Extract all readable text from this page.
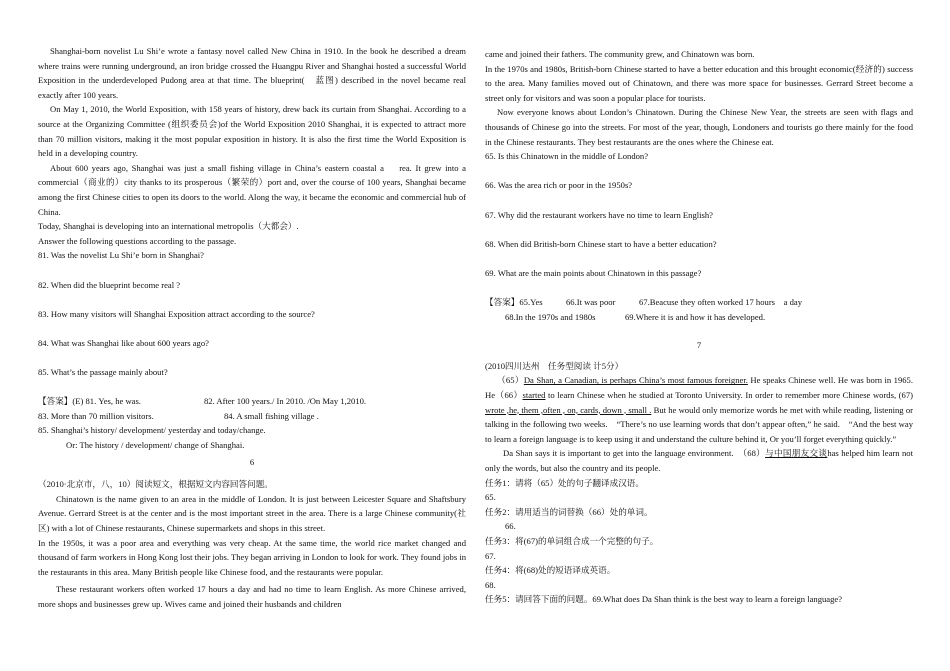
Shanghai-born novelist Lu Shi’e wrote a fantasy novel called New China in 1910. In the book he described a dream where trains were running underground, an iron bridge crossed the Huangpu River and Shanghai hosted a successful World Exposition in the underdeveloped Pudong area at that time. The blueprint(　蓝图) described in the novel became real exactly after 100 years.

On May 1, 2010, the World Exposition, with 158 years of history, drew back its curtain from Shanghai. According to a source at the Organizing Committee (组织委员会)of the World Exposition 2010 Shanghai, it is expected to attract more than 70 million visitors, making it the most popular exposition in history. It is also the first time the World Exposition is held in a developing country.

About 600 years ago, Shanghai was just a small fishing village in China’s eastern coastal a　 rea. It grew into a commercial（商业的）city thanks to its prosperous（繁荣的）port and, over the course of 100 years, Shanghai became among the first Chinese cities to open its doors to the world. Along the way, it became the economic and commercial hub of China.

Today, Shanghai is developing into an international metropolis（大都会）.

Answer the following questions according to the passage.

81. Was the novelist Lu Shi’e born in Shanghai?

82. When did the blueprint become real ?

83. How many visitors will Shanghai Exposition attract according to the source?

84. What was Shanghai like about 600 years ago?

85. What’s the passage mainly about?

【答案】(E) 81. Yes, he was.	82. After 100 years./ In 2010. /On May 1,2010.

83. More than 70 million visitors.	84. A small fishing village .

85. Shanghai’s history/ development/ yesterday and today/change.

Or: The history / development/ change of Shanghai.

6

（2010·北京市，八，10）阅读短文，根据短文内容回答问题。

Chinatown is the name given to an area in the middle of London. It is just between Leicester Square and Shaftsbury Avenue. Gerrard Street is at the center and is the most important street in the area. There is a large Chinese community(社区) with a lot of Chinese restaurants, Chinese supermarkets and shops in this street.

In the 1950s, it was a poor area and everything was very cheap. At the same time, the world rice market changed and thousand of farm workers in Hong Kong lost their jobs. They began arriving in London to look for work. They found jobs in the restaurants in this area. Many British people like Chinese food, and the restaurants were popular.

These restaurant workers often worked 17 hours a day and had no time to learn English. As more Chinese arrived, more shops and businesses grew up. Wives came and joined their husbands and children

came and joined their fathers. The community grew, and Chinatown was born.

In the 1970s and 1980s, British-born Chinese started to have a better education and this brought economic(经济的) success to the area. Many families moved out of Chinatown, and there was more space for businesses. Gerrard Street become a street only for visitors and was soon a popular place for tourists.

Now everyone knows about London’s Chinatown. During the Chinese New Year, the streets are seen with flags and thousands of Chinese go into the streets. For most of the year, though, Londoners and tourists go there mainly for the food in the Chinese restaurants. They best restaurants are the ones where the Chinese eat.

65. Is this Chinatown in the middle of London?

66. Was the area rich or poor in the 1950s?

67. Why did the restaurant workers have no time to learn English?

68. When did British-born Chinese start to have a better education?

69. What are the main points about Chinatown in this passage?

【答案】65.Yes	66.It was poor	67.Beacuse they often worked 17 hours　a day

68.In the 1970s and 1980s	69.Where it is and how it has developed.

7

(2010四川达州　任务型阅读 计5分）

（65）Da Shan, a Canadian, is perhaps China’s most famous foreigner. He speaks Chinese well. He was born in 1965. He（66）started to learn Chinese when he studied at Toronto University. In order to remember more Chinese words, (67) wrote ,he, them ,often , on, cards, down , small . But he would only memorize words he met with while reading, listening or talking in the following two weeks.　“There’s no use learning words that don’t appear often,” he said.　“And the best way to learn a foreign language is to keep using it and understand the culture behind it, Or you’ll forget everything quickly.”

Da Shan says it is important to get into the language environment.　（68）与中国朋友交谈has helped him learn not only the words, but also the country and its people.

任务1：请将（65）处的句子翻译成汉语。

65.

任务2：请用适当的词替换（66）处的单词。

66.

任务3：将(67)的单词组合成一个完整的句子。

67.

任务4：将(68)处的短语译成英语。

68.

任务5：请回答下面的问题。69.What does Da Shan think is the best way to learn a foreign language?
